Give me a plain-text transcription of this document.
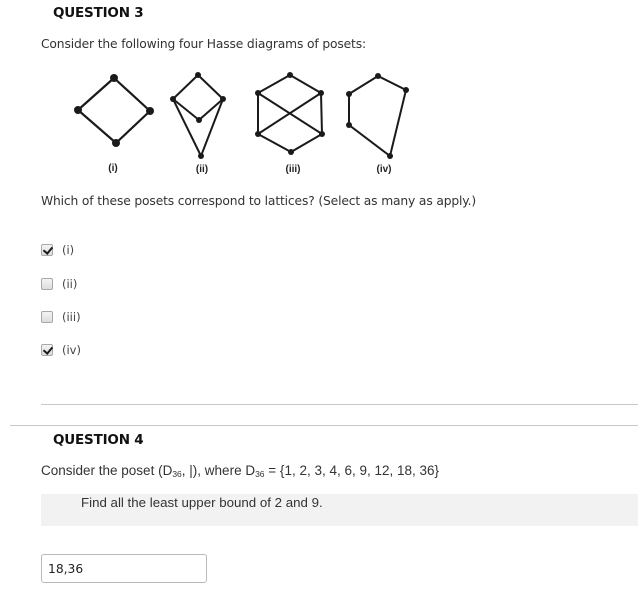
QUESTION 3
Consider the following four Hasse diagrams of posets:
(i)	(ii)	(iii)	(iv)
Which of these posets correspond to lattices? (Select as many as apply.)
(i)
(ii)
(iii)
(iv)
QUESTION 4
Consider the poset ($D_{36}$, |), where $D_{36} = \{1$, 2, 3, 4, 6, 9, 12, 18, 36}
Find all the least upper bound of 2 and 9.
18,36
